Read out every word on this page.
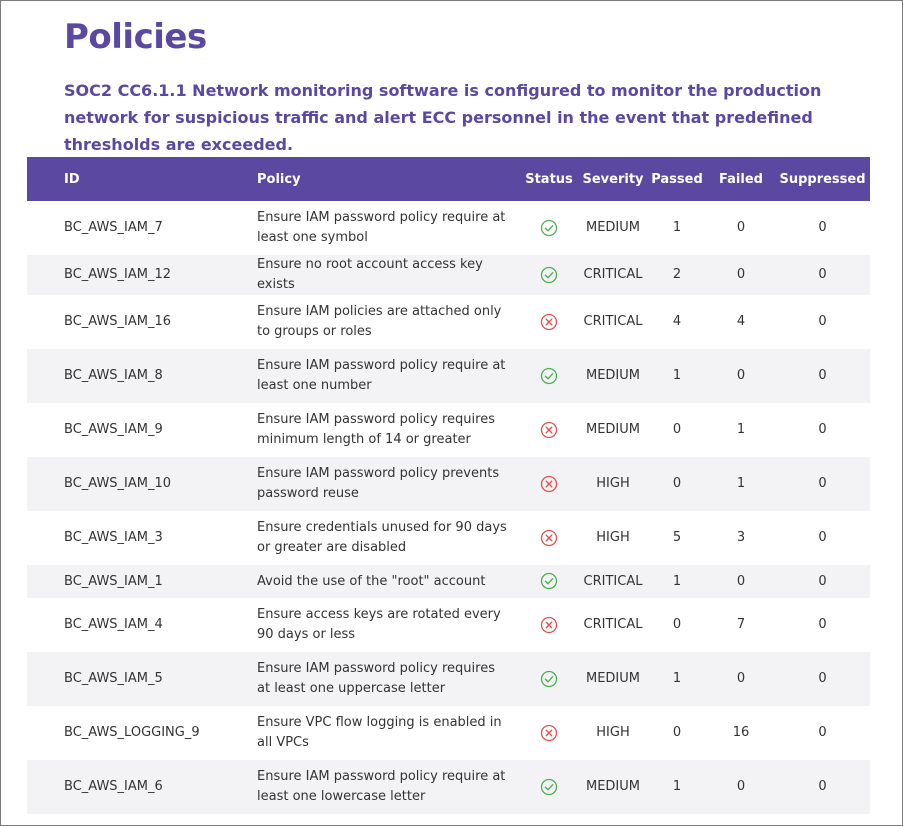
Policies

SOC2 CC6.1.1 Network monitoring software is configured to monitor the production network for suspicious traffic and alert ECC personnel in the event that predefined thresholds are exceeded.

ID	Policy	Status	Severity	Passed	Failed	Suppressed
BC_AWS_IAM_7	Ensure IAM password policy require at least one symbol		MEDIUM	1	0	0
BC_AWS_IAM_12	Ensure no root account access key exists		CRITICAL	2	0	0
BC_AWS_IAM_16	Ensure IAM policies are attached only to groups or roles		CRITICAL	4	4	0
BC_AWS_IAM_8	Ensure IAM password policy require at least one number		MEDIUM	1	0	0
BC_AWS_IAM_9	Ensure IAM password policy requires minimum length of 14 or greater		MEDIUM	0	1	0
BC_AWS_IAM_10	Ensure IAM password policy prevents password reuse		HIGH	0	1	0
BC_AWS_IAM_3	Ensure credentials unused for 90 days or greater are disabled		HIGH	5	3	0
BC_AWS_IAM_1	Avoid the use of the "root" account		CRITICAL	1	0	0
BC_AWS_IAM_4	Ensure access keys are rotated every 90 days or less		CRITICAL	0	7	0
BC_AWS_IAM_5	Ensure IAM password policy requires at least one uppercase letter		MEDIUM	1	0	0
BC_AWS_LOGGING_9	Ensure VPC flow logging is enabled in all VPCs		HIGH	0	16	0
BC_AWS_IAM_6	Ensure IAM password policy require at least one lowercase letter		MEDIUM	1	0	0
